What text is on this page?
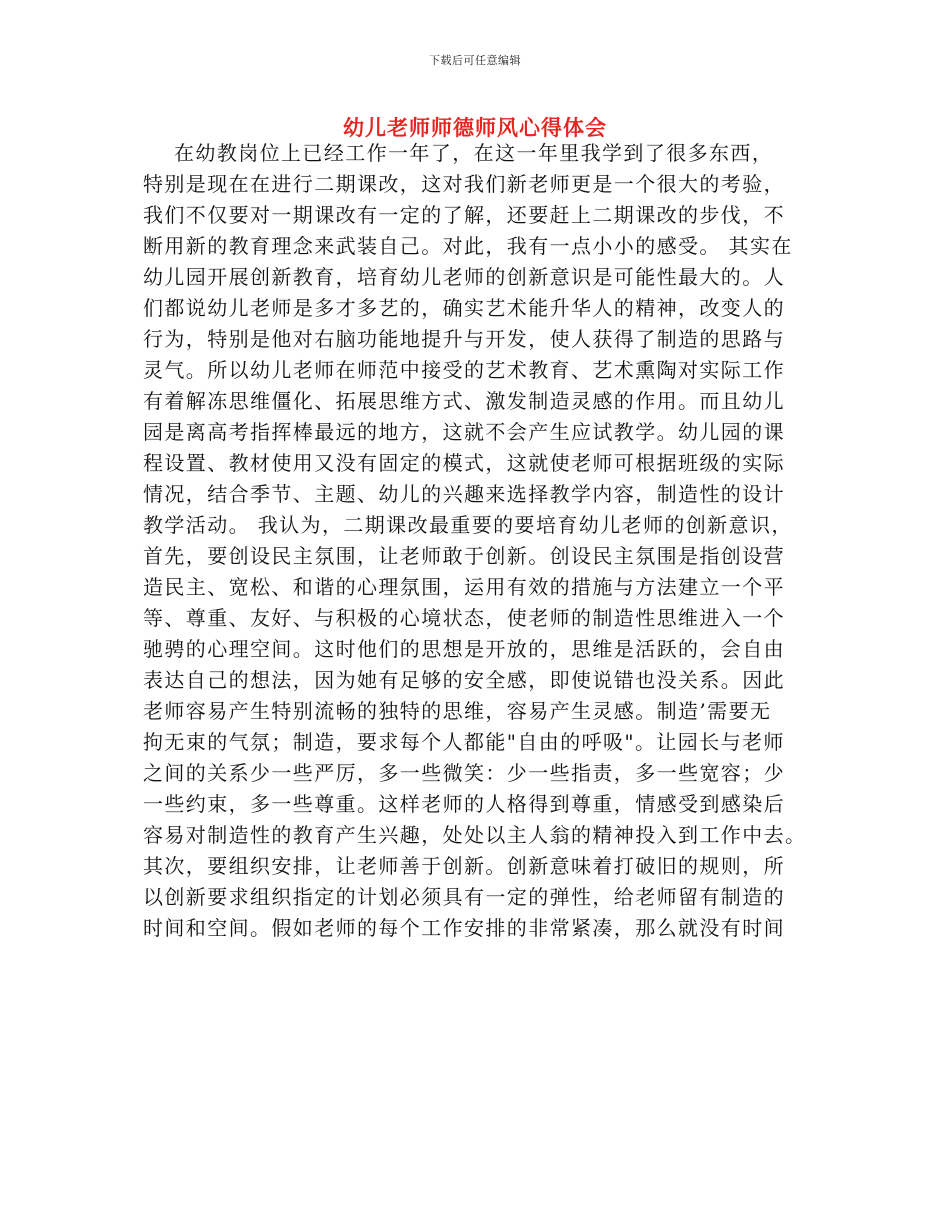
下载后可任意编辑
幼儿老师师德师风心得体会
在幼教岗位上已经工作一年了，在这一年里我学到了很多东西，
特别是现在在进行二期课改，这对我们新老师更是一个很大的考验，
我们不仅要对一期课改有一定的了解，还要赶上二期课改的步伐，不
断用新的教育理念来武装自己。对此，我有一点小小的感受。 其实在
幼儿园开展创新教育，培育幼儿老师的创新意识是可能性最大的。人
们都说幼儿老师是多才多艺的，确实艺术能升华人的精神，改变人的
行为，特别是他对右脑功能地提升与开发，使人获得了制造的思路与
灵气。所以幼儿老师在师范中接受的艺术教育、艺术熏陶对实际工作
有着解冻思维僵化、拓展思维方式、激发制造灵感的作用。而且幼儿
园是离高考指挥棒最远的地方，这就不会产生应试教学。幼儿园的课
程设置、教材使用又没有固定的模式，这就使老师可根据班级的实际
情况，结合季节、主题、幼儿的兴趣来选择教学内容，制造性的设计
教学活动。 我认为，二期课改最重要的要培育幼儿老师的创新意识，
首先，要创设民主氛围，让老师敢于创新。创设民主氛围是指创设营
造民主、宽松、和谐的心理氛围，运用有效的措施与方法建立一个平
等、尊重、友好、与积极的心境状态，使老师的制造性思维进入一个
驰骋的心理空间。这时他们的思想是开放的，思维是活跃的，会自由
表达自己的想法，因为她有足够的安全感，即使说错也没关系。因此
老师容易产生特别流畅的独特的思维，容易产生灵感。制造’需要无
拘无束的气氛；制造，要求每个人都能"自由的呼吸"。让园长与老师
之间的关系少一些严厉，多一些微笑：少一些指责，多一些宽容；少
一些约束，多一些尊重。这样老师的人格得到尊重，情感受到感染后
容易对制造性的教育产生兴趣，处处以主人翁的精神投入到工作中去。
其次，要组织安排，让老师善于创新。创新意味着打破旧的规则，所
以创新要求组织指定的计划必须具有一定的弹性，给老师留有制造的
时间和空间。假如老师的每个工作安排的非常紧凑，那么就没有时间
